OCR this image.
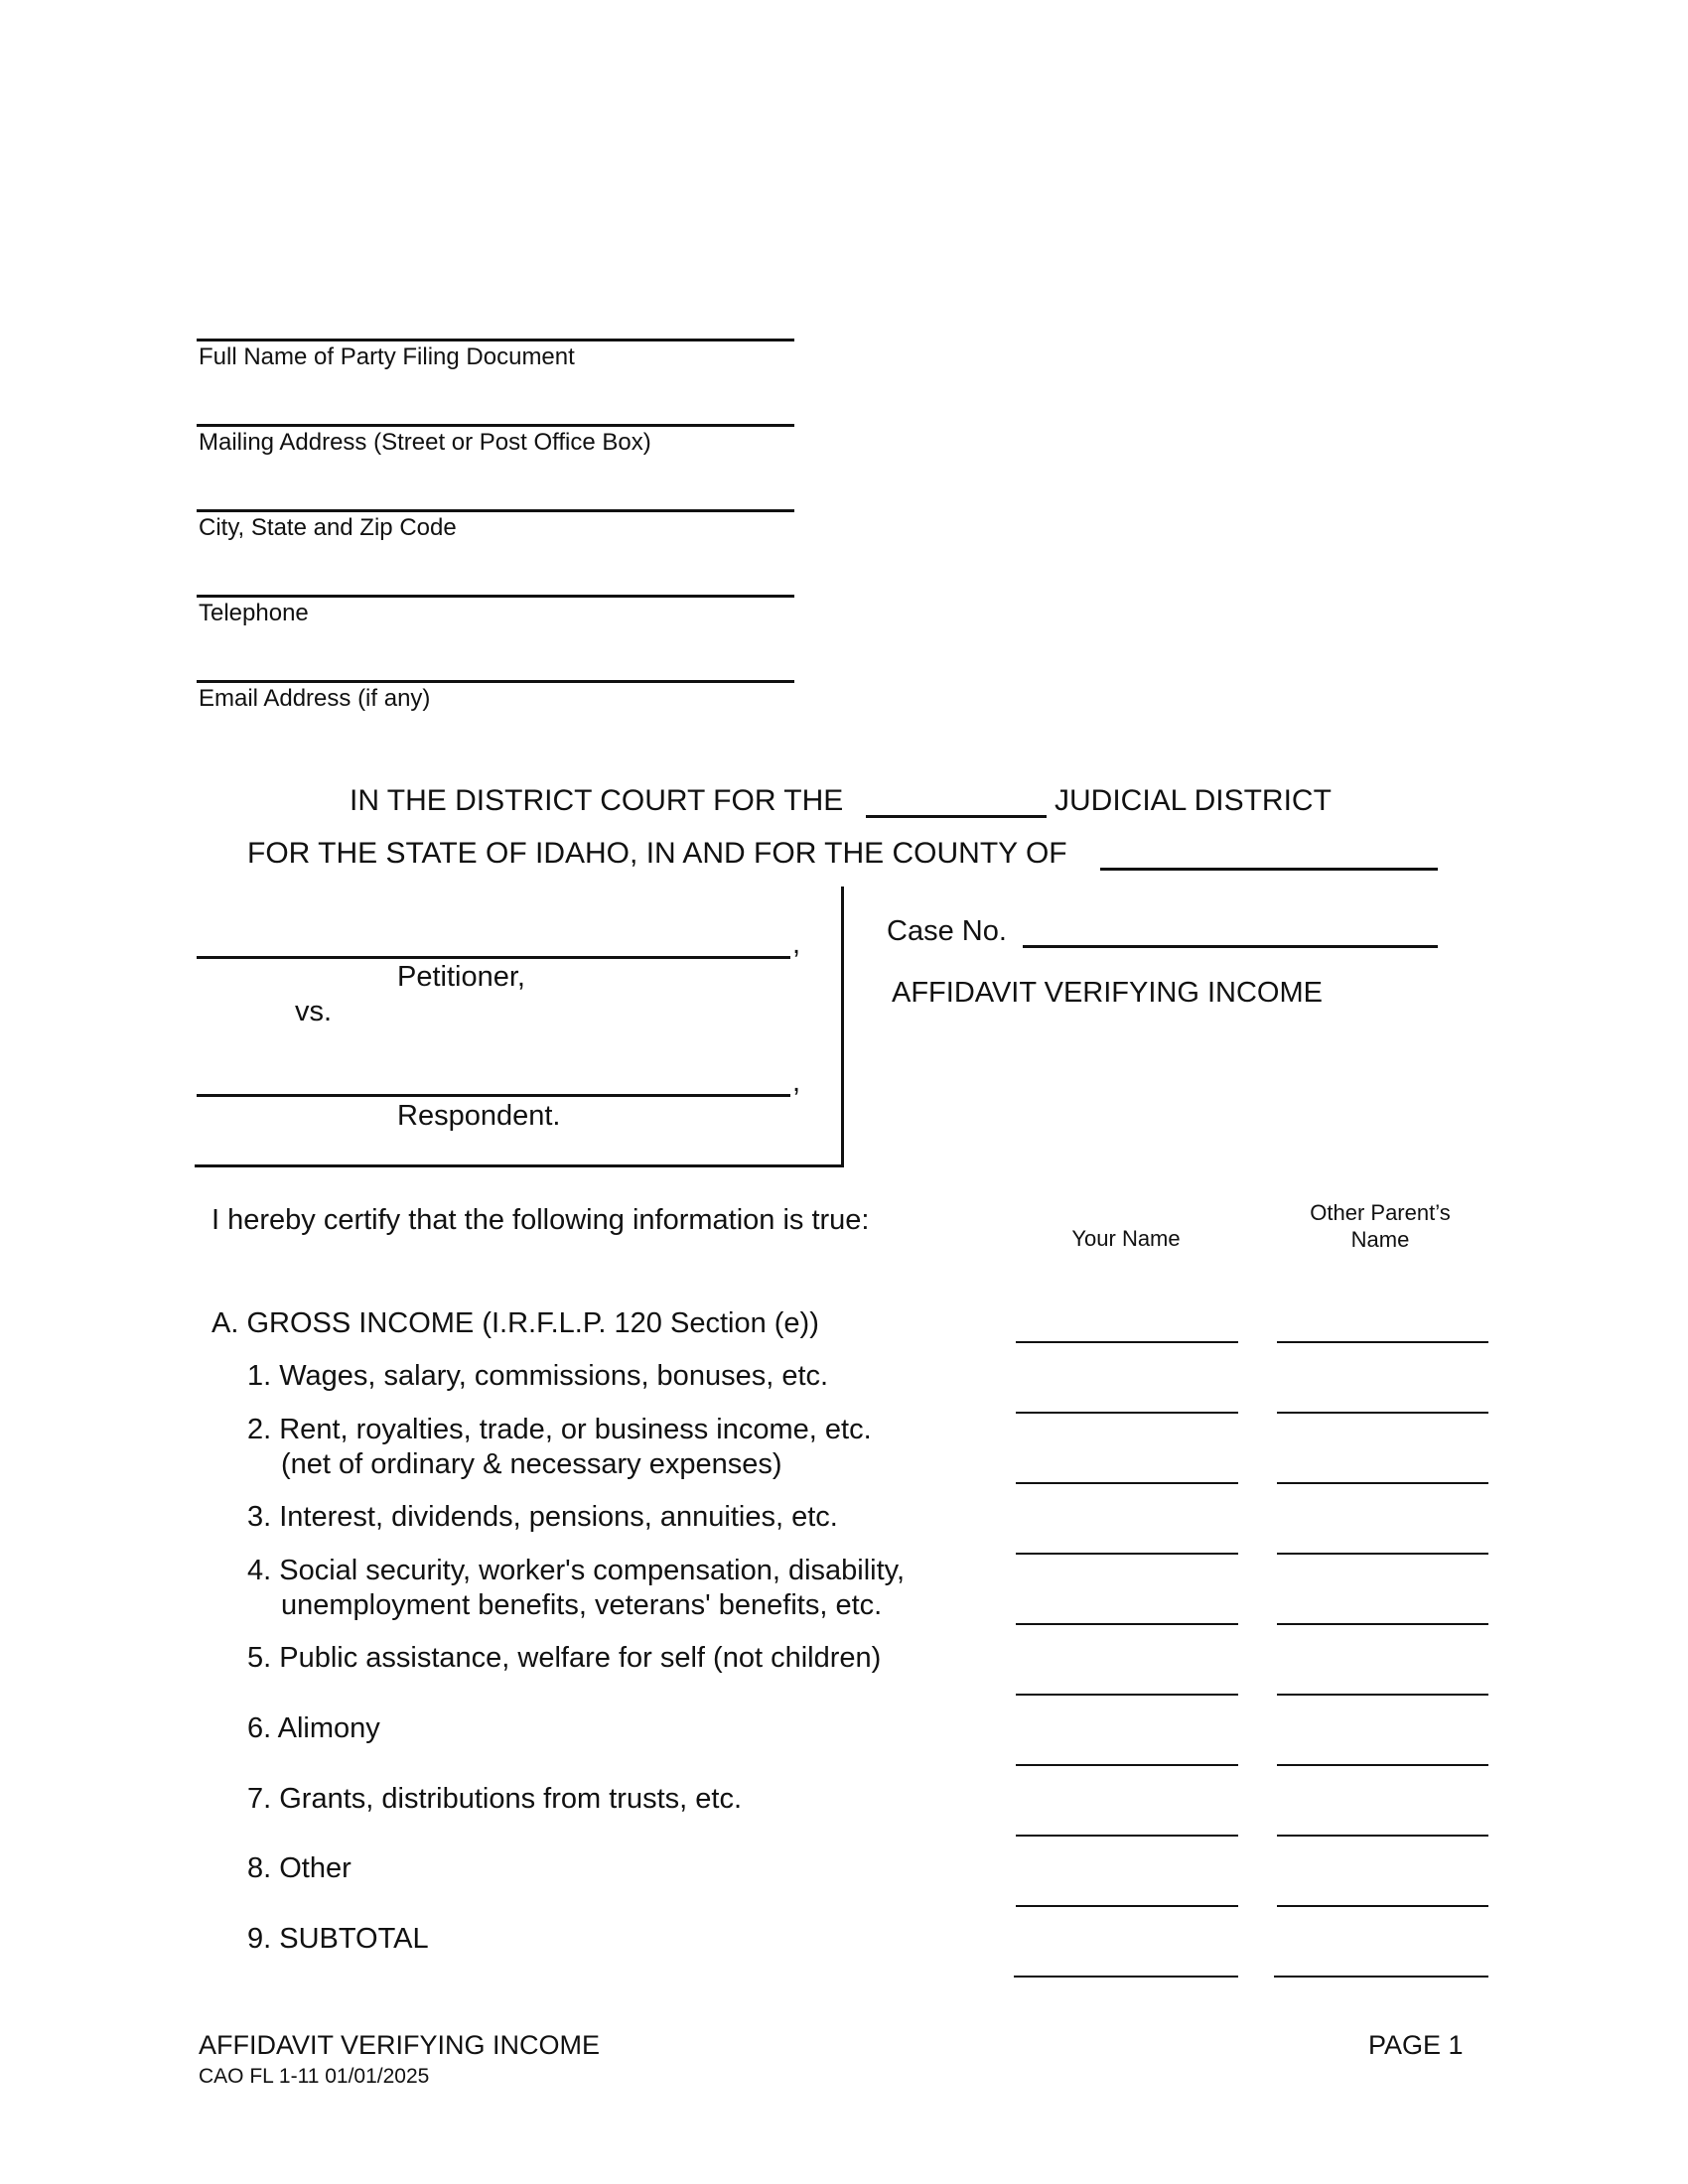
Full Name of Party Filing Document
Mailing Address (Street or Post Office Box)
City, State and Zip Code
Telephone
Email Address (if any)
IN THE DISTRICT COURT FOR THE	JUDICIAL DISTRICT
FOR THE STATE OF IDAHO, IN AND FOR THE COUNTY OF
,
Petitioner,
vs.
,
Respondent.
Case No.
AFFIDAVIT VERIFYING INCOME
I hereby certify that the following information is true:
Your Name
Other Parent’s
Name
A. GROSS INCOME (I.R.F.L.P. 120 Section (e))
1. Wages, salary, commissions, bonuses, etc.
2. Rent, royalties, trade, or business income, etc.
(net of ordinary & necessary expenses)
3. Interest, dividends, pensions, annuities, etc.
4. Social security, worker's compensation, disability,
unemployment benefits, veterans' benefits, etc.
5. Public assistance, welfare for self (not children)
6. Alimony
7. Grants, distributions from trusts, etc.
8. Other
9. SUBTOTAL
AFFIDAVIT VERIFYING INCOME
CAO FL 1-11 01/01/2025
PAGE 1
